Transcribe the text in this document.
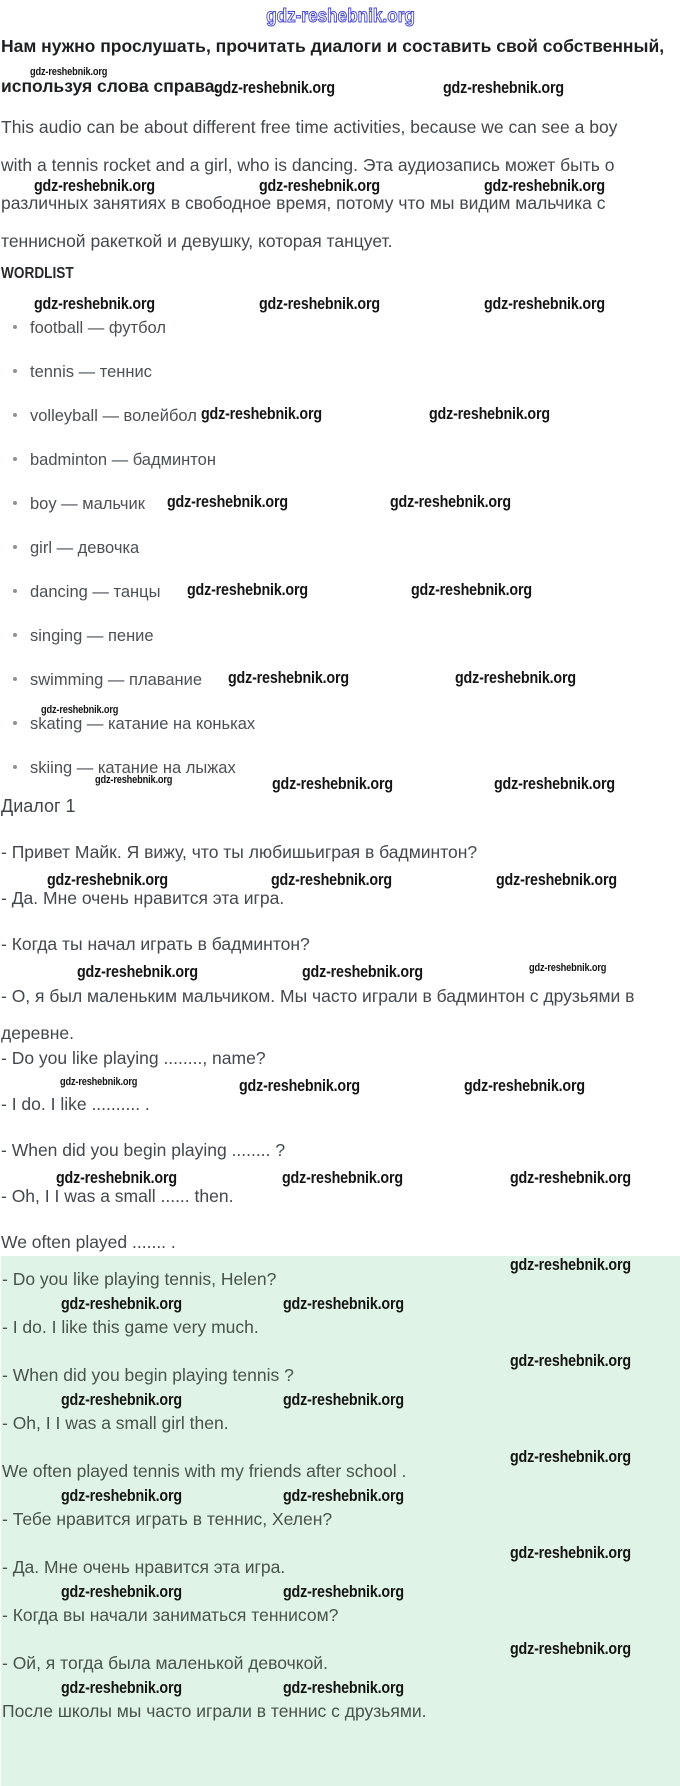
gdz-reshebnik.org
Нам нужно прослушать, прочитать диалоги и составить свой собственный,
gdz-reshebnik.org
используя слова справа.
gdz-reshebnik.org	gdz-reshebnik.org
This audio can be about different free time activities, because we can see a boy
with a tennis rocket and a girl, who is dancing. Эта аудиозапись может быть о
gdz-reshebnik.org	gdz-reshebnik.org	gdz-reshebnik.org
различных занятиях в свободное время, потому что мы видим мальчика с
теннисной ракеткой и девушку, которая танцует.
WORDLIST
gdz-reshebnik.org	gdz-reshebnik.org	gdz-reshebnik.org
football — футбол
tennis — теннис
volleyball — волейбол gdz-reshebnik.org	gdz-reshebnik.org
badminton — бадминтон
boy — мальчик gdz-reshebnik.org	gdz-reshebnik.org
girl — девочка
dancing — танцы gdz-reshebnik.org	gdz-reshebnik.org
singing — пение
swimming — плавание gdz-reshebnik.org	gdz-reshebnik.org
skating — катание на коньках
gdz-reshebnik.org
skiing — катание на лыжах
gdz-reshebnik.org	gdz-reshebnik.org	gdz-reshebnik.org
Диалог 1
- Привет Майк. Я вижу, что ты любишьиграя в бадминтон?
gdz-reshebnik.org	gdz-reshebnik.org	gdz-reshebnik.org
- Да. Мне очень нравится эта игра.
- Когда ты начал играть в бадминтон?
gdz-reshebnik.org	gdz-reshebnik.org	gdz-reshebnik.org
- О, я был маленьким мальчиком. Мы часто играли в бадминтон с друзьями в деревне.
- Do you like playing ........, name?
gdz-reshebnik.org	gdz-reshebnik.org	gdz-reshebnik.org
- I do. I like .......... .
- When did you begin playing ........ ?
gdz-reshebnik.org	gdz-reshebnik.org	gdz-reshebnik.org
- Oh, I I was a small ...... then.
We often played ....... .
- Do you like playing tennis, Helen?
gdz-reshebnik.org
gdz-reshebnik.org	gdz-reshebnik.org
- I do. I like this game very much.
- When did you begin playing tennis ?
gdz-reshebnik.org
gdz-reshebnik.org	gdz-reshebnik.org
- Oh, I I was a small girl then.
We often played tennis with my friends after school .
gdz-reshebnik.org
gdz-reshebnik.org	gdz-reshebnik.org
- Тебе нравится играть в теннис, Хелен?
- Да. Мне очень нравится эта игра.
gdz-reshebnik.org
gdz-reshebnik.org	gdz-reshebnik.org
- Когда вы начали заниматься теннисом?
- Ой, я тогда была маленькой девочкой.
gdz-reshebnik.org
gdz-reshebnik.org	gdz-reshebnik.org
После школы мы часто играли в теннис с друзьями.
